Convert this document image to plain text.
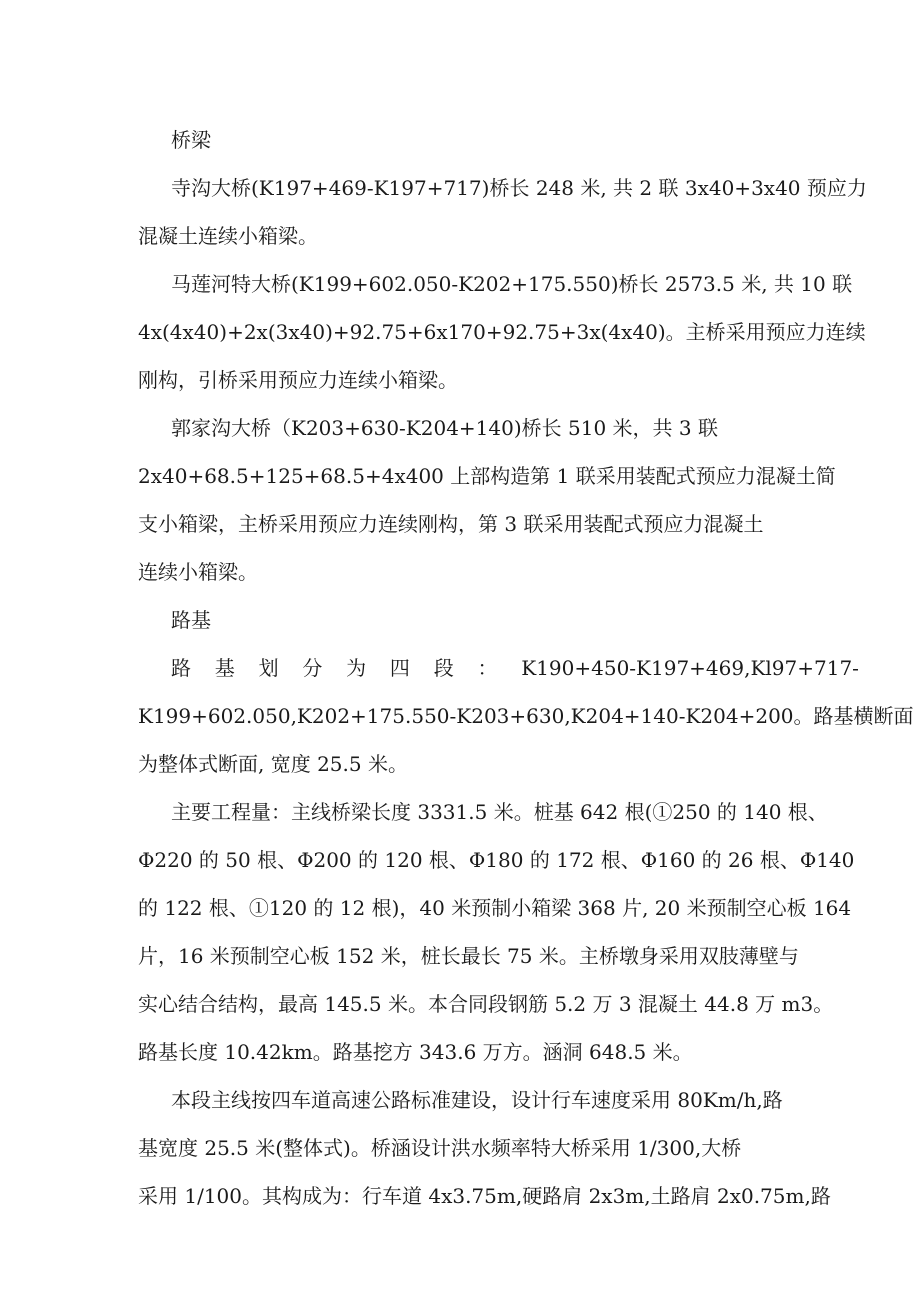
桥梁
寺沟大桥(K197+469-K197+717)桥长 248 米, 共 2 联 3x40+3x40 预应力
混凝土连续小箱梁。
马莲河特大桥(K199+602.050-K202+175.550)桥长 2573.5 米, 共 10 联
4x(4x40)+2x(3x40)+92.75+6x170+92.75+3x(4x40)。主桥采用预应力连续
刚构，引桥采用预应力连续小箱梁。
郭家沟大桥（K203+630-K204+140)桥长 510 米，共 3 联
2x40+68.5+125+68.5+4x400 上部构造第 1 联采用装配式预应力混凝土简
支小箱梁，主桥采用预应力连续刚构，第 3 联采用装配式预应力混凝土
连续小箱梁。
路基
路 基 划 分 为 四 段 ： K190+450-K197+469,Kl97+717-
K199+602.050,K202+175.550-K203+630,K204+140-K204+200。路基横断面
为整体式断面, 宽度 25.5 米。
主要工程量：主线桥梁长度 3331.5 米。桩基 642 根(①250 的 140 根、
Φ220 的 50 根、Φ200 的 120 根、Φ180 的 172 根、Φ160 的 26 根、Φ140
的 122 根、①120 的 12 根)，40 米预制小箱梁 368 片, 20 米预制空心板 164
片，16 米预制空心板 152 米，桩长最长 75 米。主桥墩身采用双肢薄壁与
实心结合结构，最高 145.5 米。本合同段钢筋 5.2 万 3 混凝土 44.8 万 m3。
路基长度 10.42km。路基挖方 343.6 万方。涵洞 648.5 米。
本段主线按四车道高速公路标准建设，设计行车速度采用 80Km∕h,路
基宽度 25.5 米(整体式)。桥涵设计洪水频率特大桥采用 1/300,大桥
采用 1/100。其构成为：行车道 4x3.75m,硬路肩 2x3m,土路肩 2x0.75m,路
